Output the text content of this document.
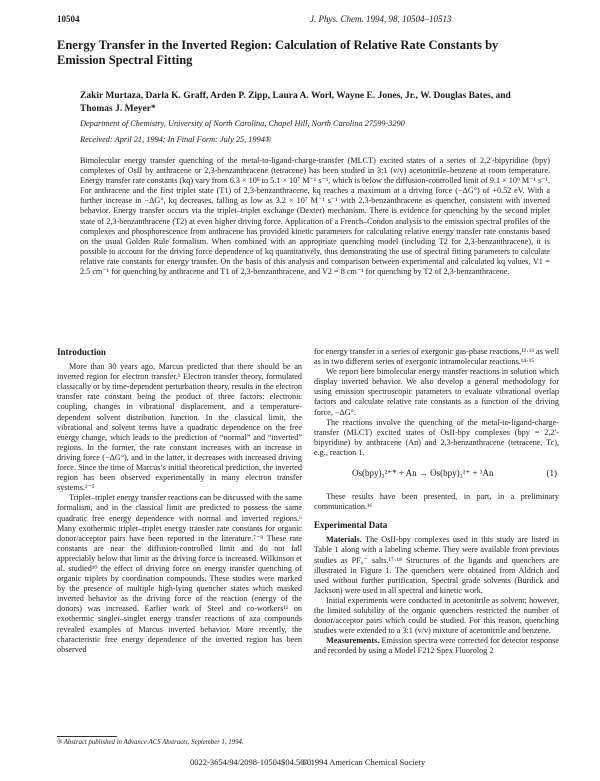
10504	J. Phys. Chem. 1994, 98, 10504–10513
Energy Transfer in the Inverted Region: Calculation of Relative Rate Constants by Emission Spectral Fitting
Zakir Murtaza, Darla K. Graff, Arden P. Zipp, Laura A. Worl, Wayne E. Jones, Jr., W. Douglas Bates, and Thomas J. Meyer*
Department of Chemistry, University of North Carolina, Chapel Hill, North Carolina 27599-3290
Received: April 21, 1994; In Final Form: July 25, 1994®
Bimolecular energy transfer quenching of the metal-to-ligand-charge-transfer (MLCT) excited states of a series of 2,2′-bipyridine (bpy) complexes of OsII by anthracene or 2,3-benzanthracene (tetracene) has been studied in 3:1 (v/v) acetonitrile–benzene at room temperature. Energy transfer rate constants (kq) vary from 6.3 × 10⁸ to 5.1 × 10⁷ M⁻¹ s⁻¹, which is below the diffusion-controlled limit of 9.1 × 10⁹ M⁻¹ s⁻¹. For anthracene and the first triplet state (T1) of 2,3-benzanthracene, kq reaches a maximum at a driving force (−ΔG°) of +0.52 eV. With a further increase in −ΔG°, kq decreases, falling as low as 3.2 × 10⁷ M⁻¹ s⁻¹ with 2,3-benzanthracene as quencher, consistent with inverted behavior. Energy transfer occurs via the triplet–triplet exchange (Dexter) mechanism. There is evidence for quenching by the second triplet state of 2,3-benzanthracene (T2) at even higher driving force. Application of a French–Condon analysis to the emission spectral profiles of the complexes and phosphorescence from anthracene has provided kinetic parameters for calculating relative energy transfer rate constants based on the usual Golden Rule formalism. When combined with an appropriate quenching model (including T2 for 2,3-benzanthracene), it is possible to account for the driving force dependence of kq quantitatively, thus demonstrating the use of spectral fitting parameters to calculate relative rate constants for energy transfer. On the basis of this analysis and comparison between experimental and calculated kq values, V1 = 2.5 cm⁻¹ for quenching by anthracene and T1 of 2,3-benzanthracene, and V2 = 8 cm⁻¹ for quenching by T2 of 2,3-benzanthracene.
Introduction

More than 30 years ago, Marcus predicted that there should be an inverted region for electron transfer.¹ Electron transfer theory, formulated classically or by time-dependent perturbation theory, results in the electron transfer rate constant being the product of three factors: electronic coupling, changes in vibrational displacement, and a temperature-dependent solvent distribution function. In the classical limit, the vibrational and solvent terms have a quadratic dependence on the free energy change, which leads to the prediction of “normal” and “inverted” regions. In the former, the rate constant increases with an increase in driving force (−ΔG°), and in the latter, it decreases with increased driving force. Since the time of Marcus’s initial theoretical prediction, the inverted region has been observed experimentally in many electron transfer systems.²⁻⁵

Triplet–triplet energy transfer reactions can be discussed with the same formalism, and in the classical limit are predicted to possess the same quadratic free energy dependence with normal and inverted regions.⁶ Many exothermic triplet–triplet energy transfer rate constants for organic donor/acceptor pairs have been reported in the literature.⁷⁻⁹ These rate constants are near the diffusion-controlled limit and do not fall appreciably below that limit as the driving force is increased. Wilkinson et al. studied¹⁰ the effect of driving force on energy transfer quenching of organic triplets by coordination compounds. These studies were marked by the presence of multiple high-lying quencher states which masked inverted behavior as the driving force of the reaction (energy of the donors) was increased. Earlier work of Steel and co-workers¹¹ on exothermic singlet–singlet energy transfer reactions of aza compounds revealed examples of Marcus inverted behavior. More recently, the characteristic free energy dependence of the inverted region has been observed

for energy transfer in a series of exergonic gas-phase reactions,¹²·¹³ as well as in two different series of exergonic intramolecular reactions.¹⁴·¹⁵

We report here bimolecular energy transfer reactions in solution which display inverted behavior. We also develop a general methodology for using emission spectroscopic parameters to evaluate vibrational overlap factors and calculate relative rate constants as a function of the driving force, −ΔG°.

The reactions involve the quenching of the metal-to-ligand-charge-transfer (MLCT) excited states of OsII-bpy complexes (bpy = 2,2′-bipyridine) by anthracene (An) and 2,3-benzanthracene (tetracene, Tc), e.g., reaction 1.

Os(bpy)₃²⁺* + An → Os(bpy)₃²⁺ + ³An	(1)

These results have been presented, in part, in a preliminary communication.¹⁶

Experimental Data

Materials. The OsII-bpy complexes used in this study are listed in Table 1 along with a labeling scheme. They were available from previous studies as PF₆⁻ salts.¹⁷·¹⁸ Structures of the ligands and quenchers are illustrated in Figure 1. The quenchers were obtained from Aldrich and used without further purification. Spectral grade solvents (Burdick and Jackson) were used in all spectral and kinetic work.

Initial experiments were conducted in acetonitrile as solvent; however, the limited solubility of the organic quenchers restricted the number of donor/acceptor pairs which could be studied. For this reason, quenching studies were extended to a 3:1 (v/v) mixture of acetonitrile and benzene.

Measurements. Emission spectra were corrected for detector response and recorded by using a Model F212 Spex Fluorolog 2

® Abstract published in Advance ACS Abstracts, September 1, 1994.
0022-3654/94/2098-10504$04.50/0
© 1994 American Chemical Society
